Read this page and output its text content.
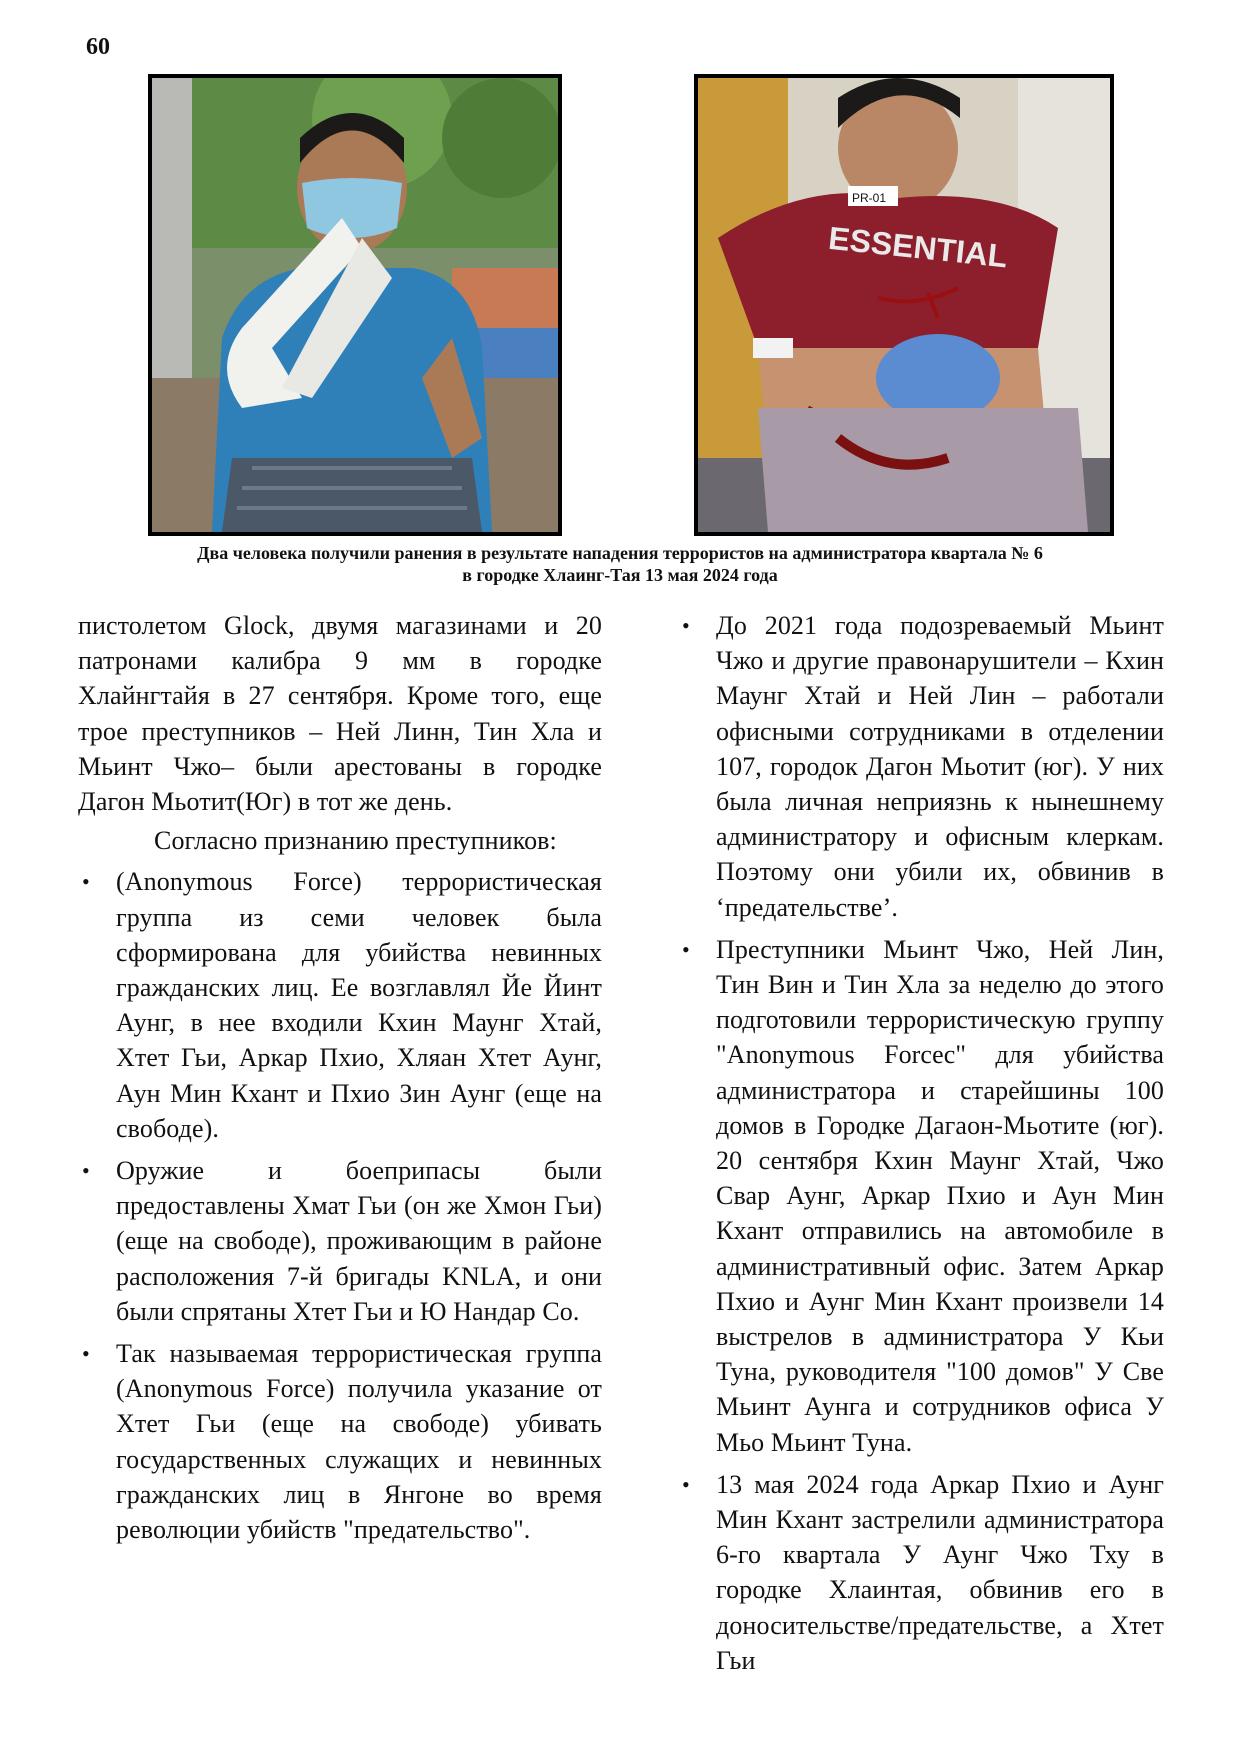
60
ESSENTIAL
PR-01
Два человека получили ранения в результате нападения террористов на администратора квартала № 6
в городке Хлаинг-Тая 13 мая 2024 года

пистолетом Glock, двумя магазинами и 20 патронами калибра 9 мм в городке Хлайнгтайя в 27 сентября. Кроме того, еще трое преступников – Ней Линн, Тин Хла и Мьинт Чжо– были арестованы в городке Дагон Мьотит(Юг) в тот же день.

Согласно признанию преступников:

• (Anonymous Force) террористическая группа из семи человек была сформирована для убийства невинных гражданских лиц. Ее возглавлял Йе Йинт Аунг, в нее входили Кхин Маунг Хтай, Хтет Гьи, Аркар Пхио, Хляан Хтет Аунг, Аун Мин Кхант и Пхио Зин Аунг (еще на свободе).
• Оружие и боеприпасы были предоставлены Хмат Гьи (он же Хмон Гьи) (еще на свободе), проживающим в районе расположения 7-й бригады KNLA, и они были спрятаны Хтет Гьи и Ю Нандар Со.
• Так называемая террористическая группа (Anonymous Force) получила указание от Хтет Гьи (еще на свободе) убивать государственных служащих и невинных гражданских лиц в Янгоне во время революции убийств "предательство".
• До 2021 года подозреваемый Мьинт Чжо и другие правонарушители – Кхин Маунг Хтай и Ней Лин – работали офисными сотрудниками в отделении 107, городок Дагон Мьотит (юг). У них была личная неприязнь к нынешнему администратору и офисным клеркам. Поэтому они убили их, обвинив в ‘предательстве’.
• Преступники Мьинт Чжо, Ней Лин, Тин Вин и Тин Хла за неделю до этого подготовили террористическую группу "Anonymous Forcec" для убийства администратора и старейшины 100 домов в Городке Дагаон-Мьотите (юг). 20 сентября Кхин Маунг Хтай, Чжо Свар Аунг, Аркар Пхио и Аун Мин Кхант отправились на автомобиле в административный офис. Затем Аркар Пхио и Аунг Мин Кхант произвели 14 выстрелов в администратора У Кьи Туна, руководителя "100 домов" У Све Мьинт Аунга и сотрудников офиса У Мьо Мьинт Туна.
• 13 мая 2024 года Аркар Пхио и Аунг Мин Кхант застрелили администратора 6-го квартала У Аунг Чжо Тху в городке Хлаинтая, обвинив его в доносительстве/предательстве, а Хтет Гьи
